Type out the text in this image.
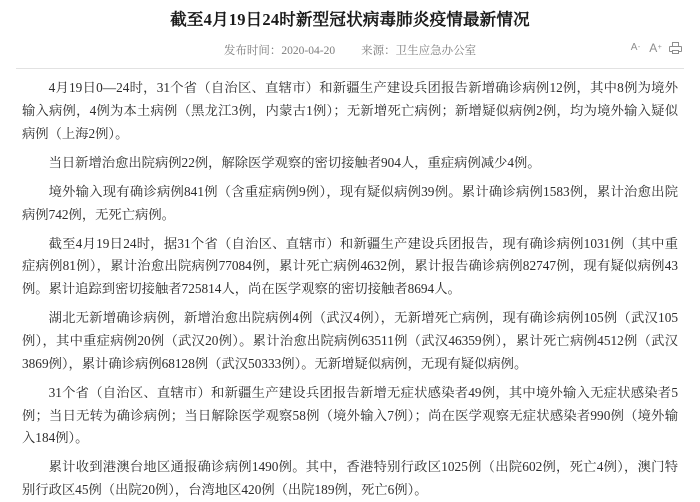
截至4月19日24时新型冠状病毒肺炎疫情最新情况
发布时间：2020-04-20 来源：卫生应急办公室	A - A +

4月19日0—24时，31个省（自治区、直辖市）和新疆生产建设兵团报告新增确诊病例12例，其中8例为境外输入病例，4例为本土病例（黑龙江3例，内蒙古1例）；无新增死亡病例；新增疑似病例2例，均为境外输入疑似病例（上海2例）。

当日新增治愈出院病例22例，解除医学观察的密切接触者904人，重症病例减少4例。

境外输入现有确诊病例841例（含重症病例9例），现有疑似病例39例。累计确诊病例1583例，累计治愈出院病例742例，无死亡病例。

截至4月19日24时，据31个省（自治区、直辖市）和新疆生产建设兵团报告，现有确诊病例1031例（其中重症病例81例），累计治愈出院病例77084例，累计死亡病例4632例，累计报告确诊病例82747例，现有疑似病例43例。累计追踪到密切接触者725814人，尚在医学观察的密切接触者8694人。

湖北无新增确诊病例，新增治愈出院病例4例（武汉4例），无新增死亡病例，现有确诊病例105例（武汉105例），其中重症病例20例（武汉20例）。累计治愈出院病例63511例（武汉46359例），累计死亡病例4512例（武汉3869例），累计确诊病例68128例（武汉50333例）。无新增疑似病例，无现有疑似病例。

31个省（自治区、直辖市）和新疆生产建设兵团报告新增无症状感染者49例，其中境外输入无症状感染者5例；当日无转为确诊病例；当日解除医学观察58例（境外输入7例）；尚在医学观察无症状感染者990例（境外输入184例）。

累计收到港澳台地区通报确诊病例1490例。其中，香港特别行政区1025例（出院602例，死亡4例），澳门特别行政区45例（出院20例），台湾地区420例（出院189例，死亡6例）。
